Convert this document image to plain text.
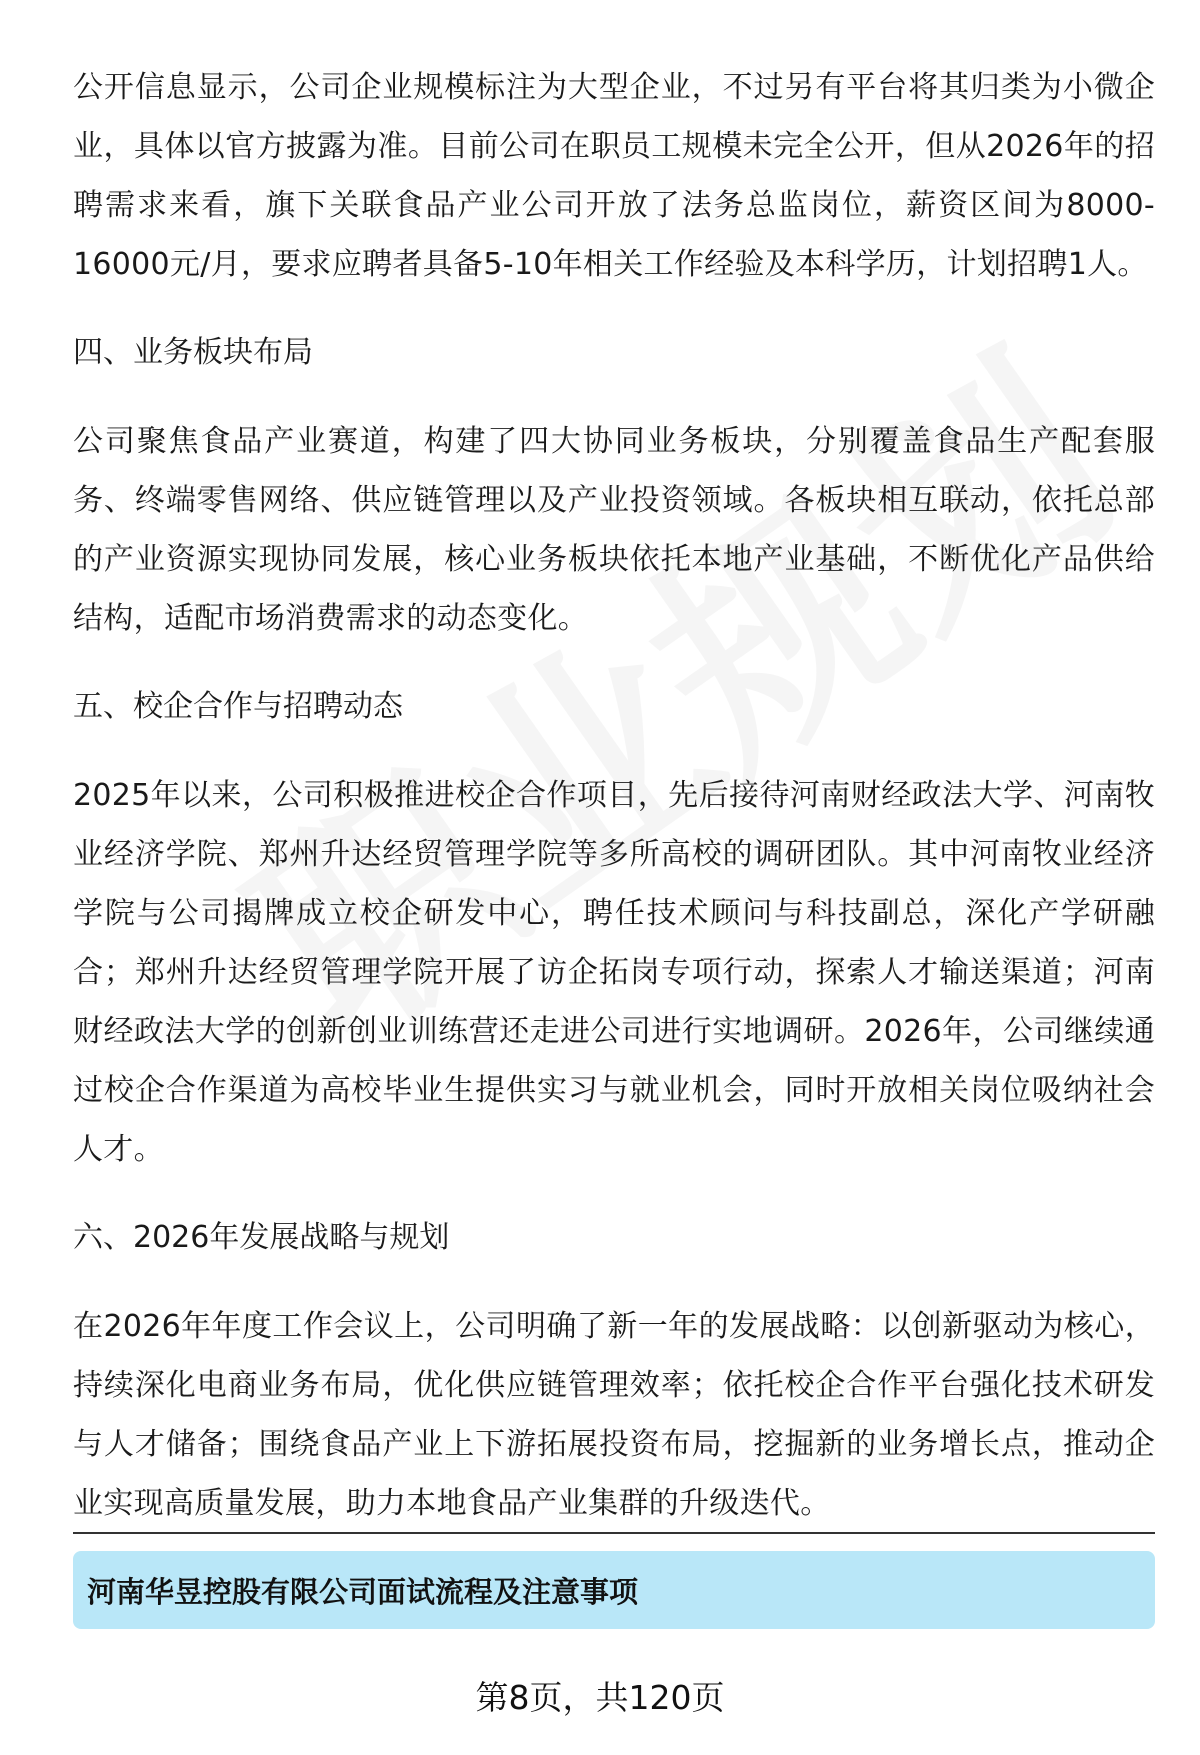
公开信息显示，公司企业规模标注为大型企业，不过另有平台将其归类为小微企业，具体以官方披露为准。目前公司在职员工规模未完全公开，但从2026年的招聘需求来看，旗下关联食品产业公司开放了法务总监岗位，薪资区间为8000-16000元/月，要求应聘者具备5-10年相关工作经验及本科学历，计划招聘1人。

四、业务板块布局

公司聚焦食品产业赛道，构建了四大协同业务板块，分别覆盖食品生产配套服务、终端零售网络、供应链管理以及产业投资领域。各板块相互联动，依托总部的产业资源实现协同发展，核心业务板块依托本地产业基础，不断优化产品供给结构，适配市场消费需求的动态变化。

五、校企合作与招聘动态

2025年以来，公司积极推进校企合作项目，先后接待河南财经政法大学、河南牧业经济学院、郑州升达经贸管理学院等多所高校的调研团队。其中河南牧业经济学院与公司揭牌成立校企研发中心，聘任技术顾问与科技副总，深化产学研融合；郑州升达经贸管理学院开展了访企拓岗专项行动，探索人才输送渠道；河南财经政法大学的创新创业训练营还走进公司进行实地调研。2026年，公司继续通过校企合作渠道为高校毕业生提供实习与就业机会，同时开放相关岗位吸纳社会人才。

六、2026年发展战略与规划

在2026年年度工作会议上，公司明确了新一年的发展战略：以创新驱动为核心，持续深化电商业务布局，优化供应链管理效率；依托校企合作平台强化技术研发与人才储备；围绕食品产业上下游拓展投资布局，挖掘新的业务增长点，推动企业实现高质量发展，助力本地食品产业集群的升级迭代。

河南华昱控股有限公司面试流程及注意事项
第8页，共120页
